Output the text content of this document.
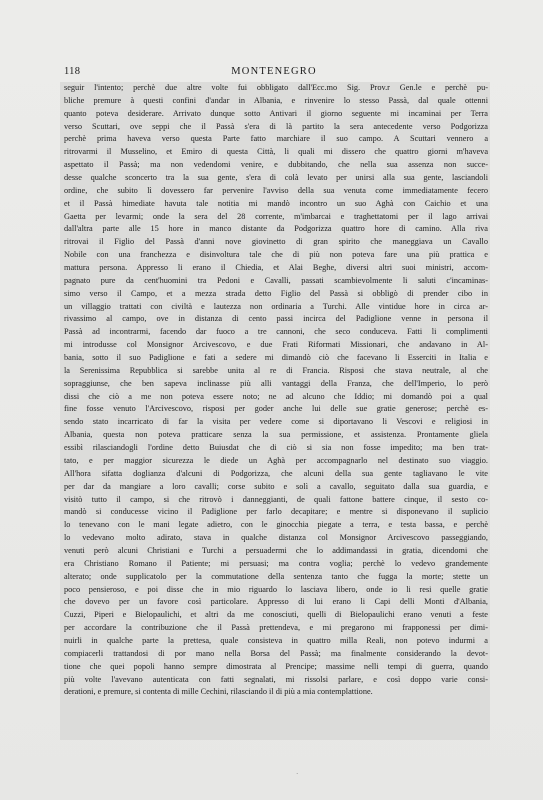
118	MONTENEGRO
seguir l'intento; perchè due altre volte fui obbligato dall'Ecc.mo Sig. Prov.r Gen.le e perchè pu-
bliche premure à questi confini d'andar in Albania, e rinvenire lo stesso Passà, dal quale ottenni
quanto poteva desiderare. Arrivato dunque sotto Antivari il giorno seguente mi incaminai per Terra
verso Scuttari, ove seppi che il Passà s'era di là partito la sera antecedente verso Podgorizza
perchè prima haveva verso questa Parte fatto marchiare il suo campo. A Scuttari vennero a
ritrovarmi il Musselino, et Emiro di questa Città, li quali mi dissero che quattro giorni m'haveva
aspettato il Passà; ma non vedendomi venire, e dubbitando, che nella sua assenza non succe-
desse qualche sconcerto tra la sua gente, s'era di colà levato per unirsi alla sua gente, lasciandoli
ordine, che subito lì dovessero far pervenire l'avviso della sua venuta come immediatamente fecero
et il Passà himediate havuta tale notitia mi mandò incontro un suo Aghà con Caichio et una
Gaetta per levarmi; onde la sera del 28 corrente, m'imbarcai e traghettatomi per il lago arrivai
dall'altra parte alle 15 hore in manco distante da Podgorizza quattro hore di camino. Alla riva
ritrovai il Figlio del Passà d'anni nove giovinetto di gran spirito che maneggiava un Cavallo
Nobile con una franchezza e disinvoltura tale che di più non poteva fare una più prattica e
mattura persona. Appresso li erano il Chiedia, et Alai Beghe, diversi altri suoi ministri, accom-
pagnato pure da cent'huomini tra Pedoni e Cavalli, passati scambievolmente li saluti c'incaminas-
simo verso il Campo, et a mezza strada detto Figlio del Passà si obbligò di prender cibo in
un villaggio trattati con civiltà e lautezza non ordinaria a Turchi. Alle vintidue hore in circa ar-
rivassimo al campo, ove in distanza di cento passi incirca del Padiglione venne in persona il
Passà ad incontrarmi, facendo dar fuoco a tre cannoni, che seco conduceva. Fatti li complimenti
mi introdusse col Monsignor Arcivescovo, e due Frati Riformati Missionari, che andavano in Al-
bania, sotto il suo Padiglione e fati a sedere mi dimandò ciò che facevano li Esserciti in Italia e
la Serenissima Repubblica si sarebbe unita al re di Francia. Risposi che stava neutrale, al che
sopraggiunse, che ben sapeva inclinasse più alli vantaggi della Franza, che dell'Imperio, lo però
dissi che ciò a me non poteva essere noto; ne ad alcuno che Iddio; mi domandò poi a qual
fine fosse venuto l'Arcivescovo, risposi per goder anche lui delle sue gratie generose; perchè es-
sendo stato incarricato di far la visita per vedere come si diportavano li Vescovi e religiosi in
Albania, questa non poteva pratticare senza la sua permissione, et assistenza. Prontamente gliela
essibì rilasciandogli l'ordine detto Buiusdat che di ciò si sia non fosse impedito; ma ben trat-
tato, e per maggior sicurezza le diede un Aghà per accompagnarlo nel destinato suo viaggio.
All'hora sifatta doglianza d'alcuni di Podgorizza, che alcuni della sua gente tagliavano le vite
per dar da mangiare a loro cavalli; corse subito e solì a cavallo, seguitato dalla sua guardia, e
visitò tutto il campo, si che ritrovò i danneggianti, de quali fattone battere cinque, il sesto co-
mandò si conducesse vicino il Padiglione per farlo decapitare; e mentre si disponevano il suplicio
lo tenevano con le mani legate adietro, con le ginocchia piegate a terra, e testa bassa, e perchè
lo vedevano molto adirato, stava in qualche distanza col Monsignor Arcivescovo passeggiando,
venuti però alcuni Christiani e Turchi a persuadermi che lo addimandassi in gratia, dicendomi che
era Christiano Romano il Patiente; mi persuasi; ma contra voglia; perchè lo vedevo grandemente
alterato; onde supplicatolo per la commutatione della sentenza tanto che fugga la morte; stette un
poco pensieroso, e poi disse che in mio riguardo lo lasciava libero, onde io li resi quelle gratie
che dovevo per un favore così particolare. Appresso di lui erano li Capi delli Monti d'Albania,
Cuzzi, Piperi e Bielopaulichi, et altri da me conosciuti, quelli di Bielopaulichi erano venuti a feste
per accordare la contribuzione che il Passà prettendeva, e mi pregarono mi frapponessi per dimi-
nuirli in qualche parte la prettesa, quale consisteva in quattro milla Reali, non potevo indurmi a
compiacerli trattandosi di por mano nella Borsa del Passà; ma finalmente considerando la devot-
tione che quei popoli hanno sempre dimostrata al Prencipe; massime nelli tempi di guerra, quando
più volte l'avevano autenticata con fatti segnalati, mi rissolsi parlare, e così doppo varie consi-
derationi, e premure, si contenta di mille Cechini, rilasciando il di più a mia contemplattione.
·
